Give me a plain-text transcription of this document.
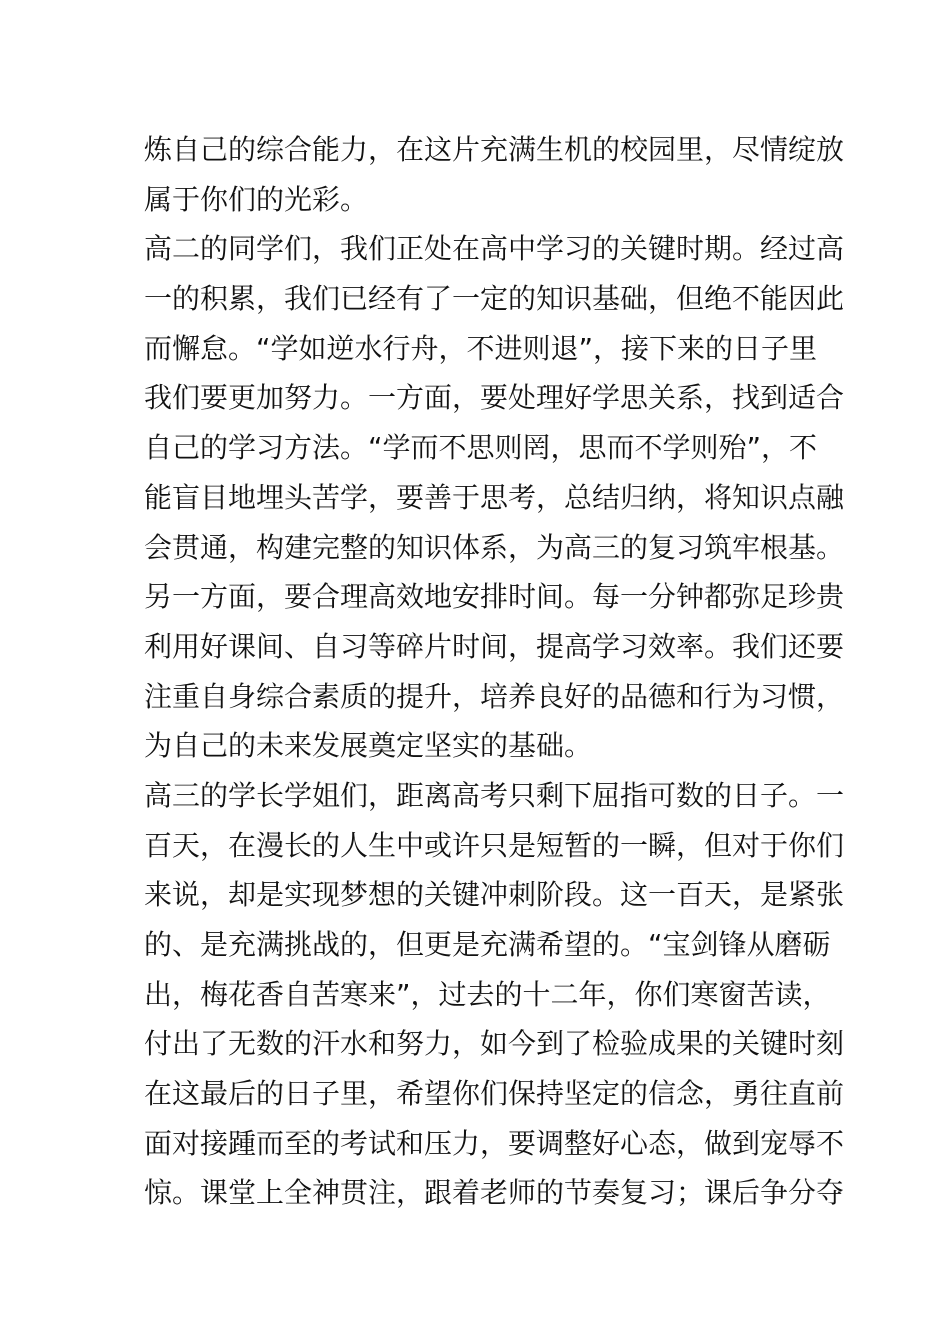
炼自己的综合能力，在这片充满生机的校园里，尽情绽放
属于你们的光彩。
高二的同学们，我们正处在高中学习的关键时期。经过高
一的积累，我们已经有了一定的知识基础，但绝不能因此
而懈怠。“学如逆水行舟，不进则退”，接下来的日子里
我们要更加努力。一方面，要处理好学思关系，找到适合
自己的学习方法。“学而不思则罔，思而不学则殆”，不
能盲目地埋头苦学，要善于思考，总结归纳，将知识点融
会贯通，构建完整的知识体系，为高三的复习筑牢根基。
另一方面，要合理高效地安排时间。每一分钟都弥足珍贵
利用好课间、自习等碎片时间，提高学习效率。我们还要
注重自身综合素质的提升，培养良好的品德和行为习惯，
为自己的未来发展奠定坚实的基础。
高三的学长学姐们，距离高考只剩下屈指可数的日子。一
百天，在漫长的人生中或许只是短暂的一瞬，但对于你们
来说，却是实现梦想的关键冲刺阶段。这一百天，是紧张
的、是充满挑战的，但更是充满希望的。“宝剑锋从磨砺
出，梅花香自苦寒来”，过去的十二年，你们寒窗苦读，
付出了无数的汗水和努力，如今到了检验成果的关键时刻
在这最后的日子里，希望你们保持坚定的信念，勇往直前
面对接踵而至的考试和压力，要调整好心态，做到宠辱不
惊。课堂上全神贯注，跟着老师的节奏复习；课后争分夺
